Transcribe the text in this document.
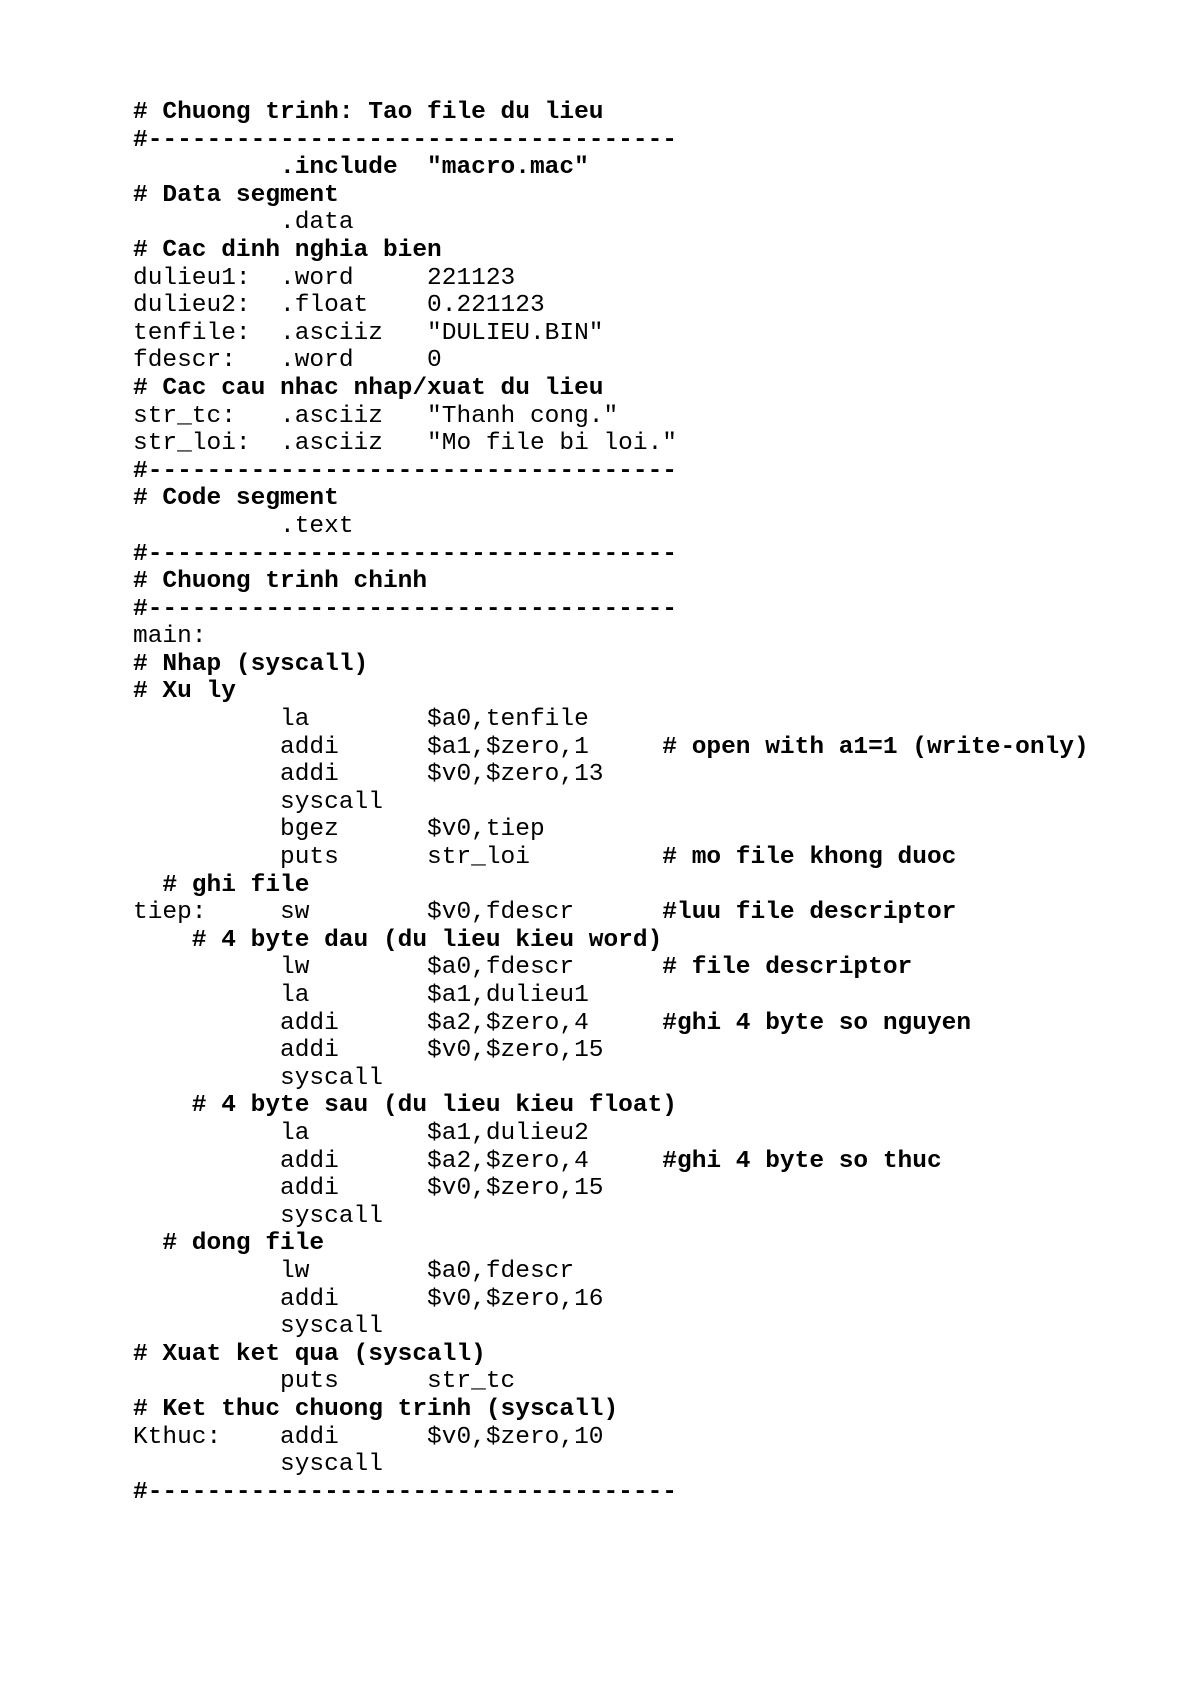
# Chuong trinh: Tao file du lieu
#------------------------------------
.include  "macro.mac"
# Data segment
.data
# Cac dinh nghia bien
dulieu1:  .word     221123
dulieu2:  .float    0.221123
tenfile:  .asciiz   "DULIEU.BIN"
fdescr:   .word     0
# Cac cau nhac nhap/xuat du lieu
str_tc:   .asciiz   "Thanh cong."
str_loi:  .asciiz   "Mo file bi loi."
#------------------------------------
# Code segment
.text
#------------------------------------
# Chuong trinh chinh
#------------------------------------
main:
# Nhap (syscall)
# Xu ly
la        $a0,tenfile
addi      $a1,$zero,1     # open with a1=1 (write-only)
addi      $v0,$zero,13
syscall
bgez      $v0,tiep
puts      str_loi         # mo file khong duoc
# ghi file
tiep:     sw        $v0,fdescr      #luu file descriptor
# 4 byte dau (du lieu kieu word)
lw        $a0,fdescr      # file descriptor
la        $a1,dulieu1
addi      $a2,$zero,4     #ghi 4 byte so nguyen
addi      $v0,$zero,15
syscall
# 4 byte sau (du lieu kieu float)
la        $a1,dulieu2
addi      $a2,$zero,4     #ghi 4 byte so thuc
addi      $v0,$zero,15
syscall
# dong file
lw        $a0,fdescr
addi      $v0,$zero,16
syscall
# Xuat ket qua (syscall)
puts      str_tc
# Ket thuc chuong trinh (syscall)
Kthuc:    addi      $v0,$zero,10
syscall
#------------------------------------
